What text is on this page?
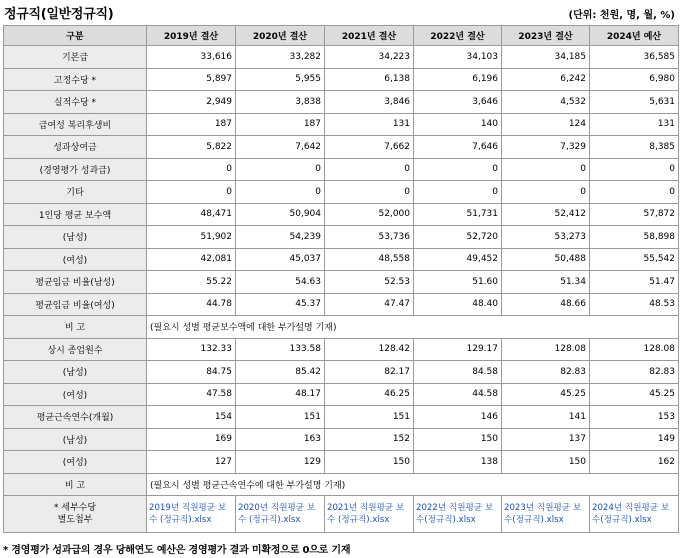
정규직(일반정규직)	(단위: 천원, 명, 월, %)
구분	2019년 결산	2020년 결산	2021년 결산	2022년 결산	2023년 결산	2024년 예산
기본급	33,616	33,282	34,223	34,103	34,185	36,585
고정수당 *	5,897	5,955	6,138	6,196	6,242	6,980
실적수당 *	2,949	3,838	3,846	3,646	4,532	5,631
급여성 복리후생비	187	187	131	140	124	131
성과상여금	5,822	7,642	7,662	7,646	7,329	8,385
(경영평가 성과급)	0	0	0	0	0	0
기타	0	0	0	0	0	0
1인당 평균 보수액	48,471	50,904	52,000	51,731	52,412	57,872
(남성)	51,902	54,239	53,736	52,720	53,273	58,898
(여성)	42,081	45,037	48,558	49,452	50,488	55,542
평균임금 비율(남성)	55.22	54.63	52.53	51.60	51.34	51.47
평균임금 비율(여성)	44.78	45.37	47.47	48.40	48.66	48.53
비 고	(필요시 성별 평균보수액에 대한 부가설명 기재)					
상시 종업원수	132.33	133.58	128.42	129.17	128.08	128.08
(남성)	84.75	85.42	82.17	84.58	82.83	82.83
(여성)	47.58	48.17	46.25	44.58	45.25	45.25
평균근속연수(개월)	154	151	151	146	141	153
(남성)	169	163	152	150	137	149
(여성)	127	129	150	138	150	162
비 고	(필요시 성별 평균근속연수에 대한 부가설명 기재)					
* 세부수당
별도첨부	2019년 직원평균 보수 (정규직).xlsx	2020년 직원평균 보수 (정규직).xlsx	2021년 직원평균 보수 (정규직).xlsx	2022년 직원평균 보수(정규직).xlsx	2023년 직원평균 보수(정규직).xlsx	2024년 직원평균 보수(정규직).xlsx
* 경영평가 성과급의 경우 당해연도 예산은 경영평가 결과 미확정으로 0으로 기재
